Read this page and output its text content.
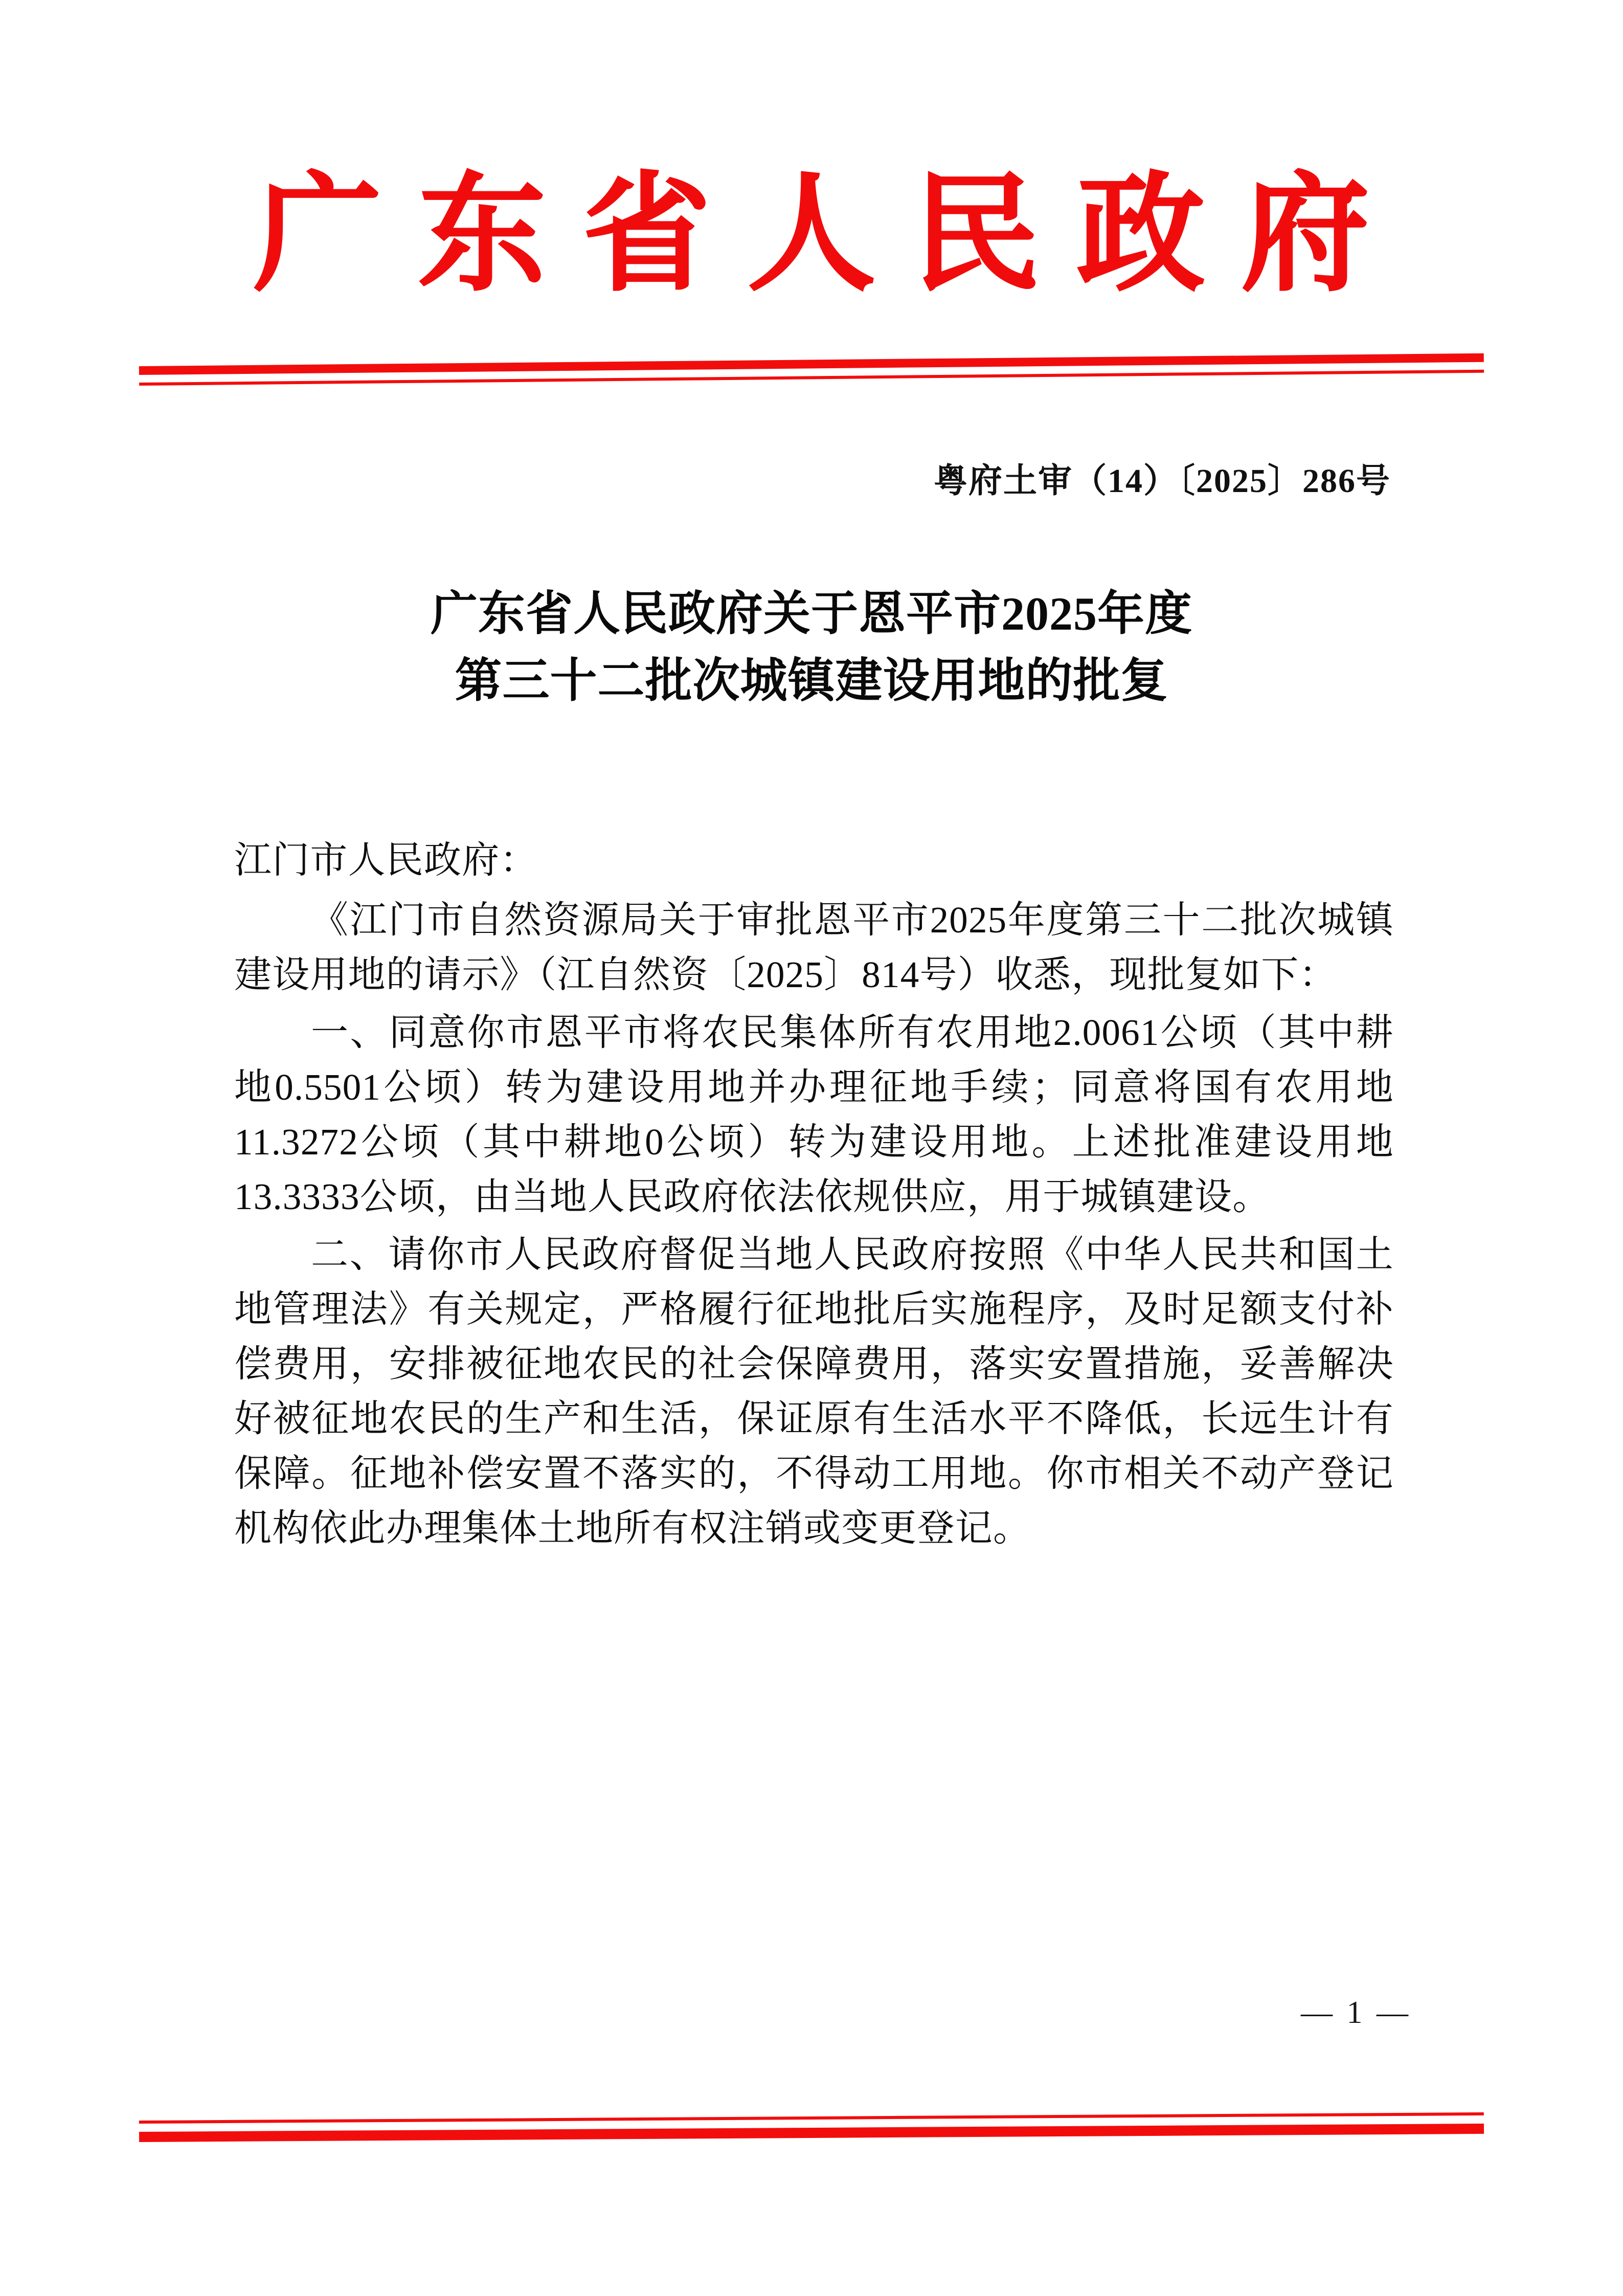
广东省人民政府
粤府土审（14）〔2025〕286号
广东省人民政府关于恩平市2025年度
第三十二批次城镇建设用地的批复

江门市人民政府：

《江门市自然资源局关于审批恩平市2025年度第三十二批次城镇建设用地的请示》（江自然资〔2025〕814号）收悉，现批复如下：

一、同意你市恩平市将农民集体所有农用地2.0061公顷（其中耕地0.5501公顷）转为建设用地并办理征地手续；同意将国有农用地11.3272公顷（其中耕地0公顷）转为建设用地。上述批准建设用地13.3333公顷，由当地人民政府依法依规供应，用于城镇建设。

二、请你市人民政府督促当地人民政府按照《中华人民共和国土地管理法》有关规定，严格履行征地批后实施程序，及时足额支付补偿费用，安排被征地农民的社会保障费用，落实安置措施，妥善解决好被征地农民的生产和生活，保证原有生活水平不降低，长远生计有保障。征地补偿安置不落实的，不得动工用地。你市相关不动产登记机构依此办理集体土地所有权注销或变更登记。

— 1 —
